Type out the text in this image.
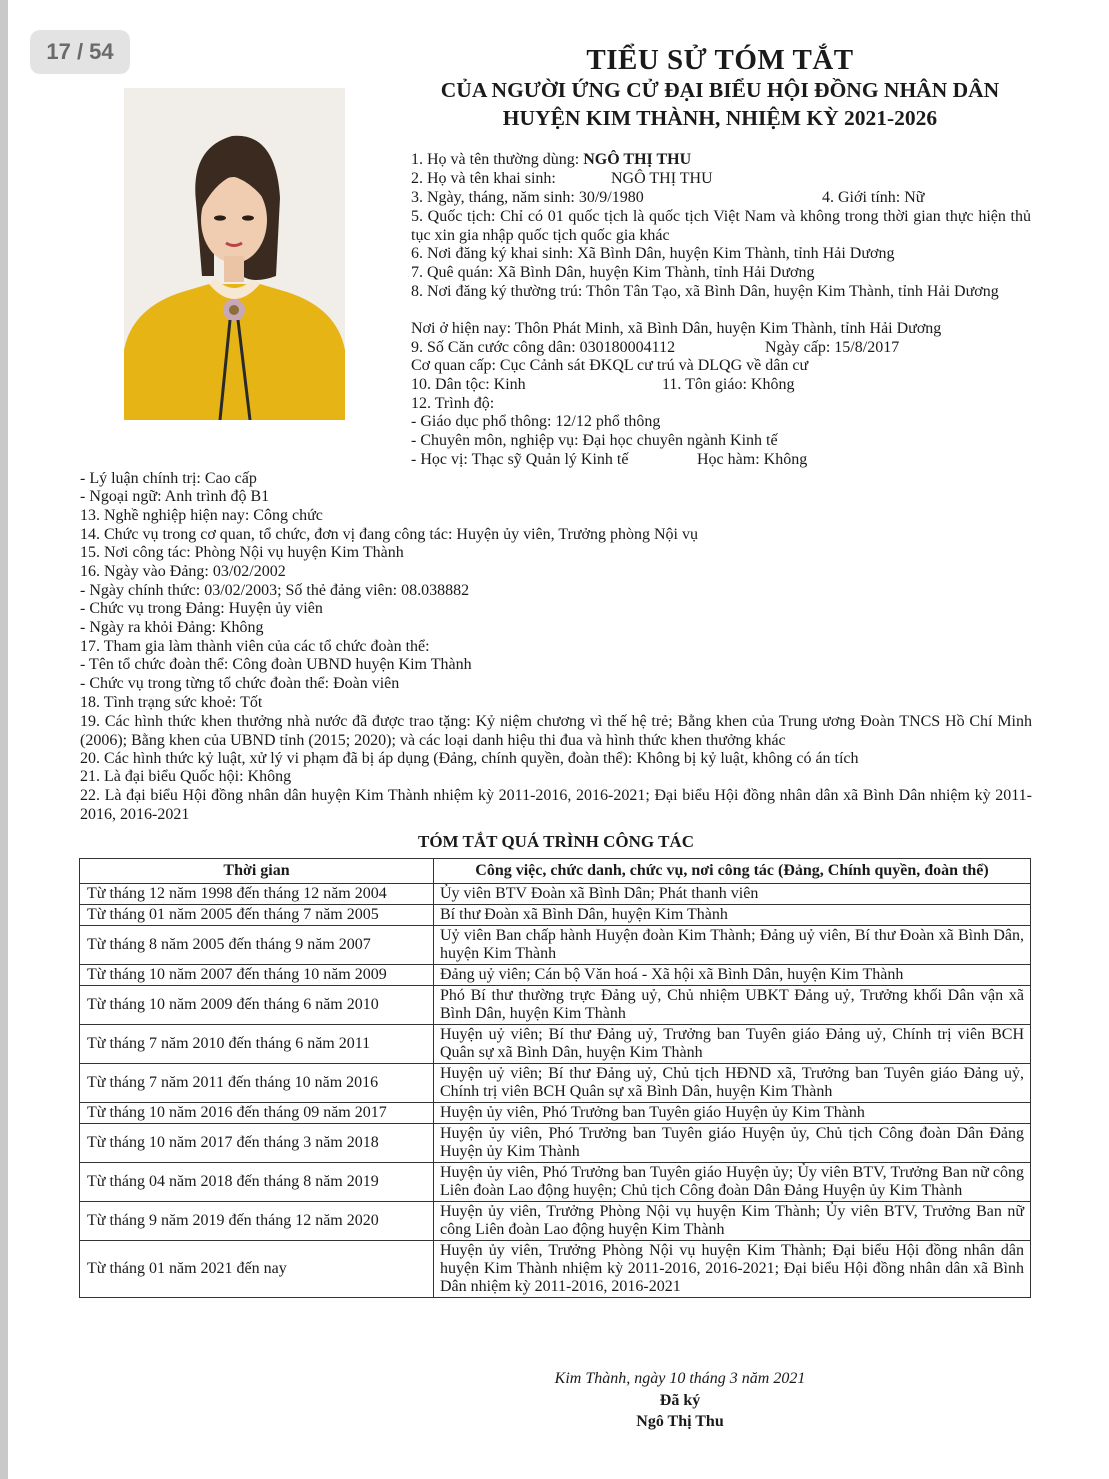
17 / 54	TIỂU SỬ TÓM TẮT
CỦA NGƯỜI ỨNG CỬ ĐẠI BIỂU HỘI ĐỒNG NHÂN DÂN
HUYỆN KIM THÀNH, NHIỆM KỲ 2021-2026
1. Họ và tên thường dùng: NGÔ THỊ THU
2. Họ và tên khai sinh:	NGÔ THỊ THU
3. Ngày, tháng, năm sinh: 30/9/1980	4. Giới tính: Nữ
5. Quốc tịch: Chỉ có 01 quốc tịch là quốc tịch Việt Nam và không trong thời gian thực hiện thủ tục xin gia nhập quốc tịch quốc gia khác
6. Nơi đăng ký khai sinh: Xã Bình Dân, huyện Kim Thành, tỉnh Hải Dương
7. Quê quán: Xã Bình Dân, huyện Kim Thành, tỉnh Hải Dương
8. Nơi đăng ký thường trú: Thôn Tân Tạo, xã Bình Dân, huyện Kim Thành, tỉnh Hải Dương
Nơi ở hiện nay: Thôn Phát Minh, xã Bình Dân, huyện Kim Thành, tỉnh Hải Dương
9. Số Căn cước công dân: 030180004112	Ngày cấp: 15/8/2017
Cơ quan cấp: Cục Cảnh sát ĐKQL cư trú và DLQG về dân cư
10. Dân tộc: Kinh	11. Tôn giáo: Không
12. Trình độ:
- Giáo dục phổ thông: 12/12 phổ thông
- Chuyên môn, nghiệp vụ: Đại học chuyên ngành Kinh tế
- Học vị: Thạc sỹ Quản lý Kinh tế	Học hàm: Không
- Lý luận chính trị: Cao cấp
- Ngoại ngữ: Anh trình độ B1
13. Nghề nghiệp hiện nay: Công chức
14. Chức vụ trong cơ quan, tổ chức, đơn vị đang công tác: Huyện ủy viên, Trưởng phòng Nội vụ
15. Nơi công tác: Phòng Nội vụ huyện Kim Thành
16. Ngày vào Đảng: 03/02/2002
- Ngày chính thức: 03/02/2003; Số thẻ đảng viên: 08.038882
- Chức vụ trong Đảng: Huyện ủy viên
- Ngày ra khỏi Đảng: Không
17. Tham gia làm thành viên của các tổ chức đoàn thể:
- Tên tổ chức đoàn thể: Công đoàn UBND huyện Kim Thành
- Chức vụ trong từng tổ chức đoàn thể: Đoàn viên
18. Tình trạng sức khoẻ: Tốt
19. Các hình thức khen thưởng nhà nước đã được trao tặng: Kỷ niệm chương vì thế hệ trẻ; Bằng khen của Trung ương Đoàn TNCS Hồ Chí Minh (2006); Bằng khen của UBND tỉnh (2015; 2020); và các loại danh hiệu thi đua và hình thức khen thưởng khác
20. Các hình thức kỷ luật, xử lý vi phạm đã bị áp dụng (Đảng, chính quyền, đoàn thể): Không bị kỷ luật, không có án tích
21. Là đại biểu Quốc hội: Không
22. Là đại biểu Hội đồng nhân dân huyện Kim Thành nhiệm kỳ 2011-2016, 2016-2021; Đại biểu Hội đồng nhân dân xã Bình Dân nhiệm kỳ 2011-2016, 2016-2021
TÓM TẮT QUÁ TRÌNH CÔNG TÁC
Thời gian	Công việc, chức danh, chức vụ, nơi công tác (Đảng, Chính quyền, đoàn thể)
Từ tháng 12 năm 1998 đến tháng 12 năm 2004	Ủy viên BTV Đoàn xã Bình Dân; Phát thanh viên
Từ tháng 01 năm 2005 đến tháng 7 năm 2005	Bí thư Đoàn xã Bình Dân, huyện Kim Thành
Từ tháng 8 năm 2005 đến tháng 9 năm 2007	Uỷ viên Ban chấp hành Huyện đoàn Kim Thành; Đảng uỷ viên, Bí thư Đoàn xã Bình Dân, huyện Kim Thành
Từ tháng 10 năm 2007 đến tháng 10 năm 2009	Đảng uỷ viên; Cán bộ Văn hoá - Xã hội xã Bình Dân, huyện Kim Thành
Từ tháng 10 năm 2009 đến tháng 6 năm 2010	Phó Bí thư thường trực Đảng uỷ, Chủ nhiệm UBKT Đảng uỷ, Trưởng khối Dân vận xã Bình Dân, huyện Kim Thành
Từ tháng 7 năm 2010 đến tháng 6 năm 2011	Huyện uỷ viên; Bí thư Đảng uỷ, Trưởng ban Tuyên giáo Đảng uỷ, Chính trị viên BCH Quân sự xã Bình Dân, huyện Kim Thành
Từ tháng 7 năm 2011 đến tháng 10 năm 2016	Huyện uỷ viên; Bí thư Đảng uỷ, Chủ tịch HĐND xã, Trưởng ban Tuyên giáo Đảng uỷ, Chính trị viên BCH Quân sự xã Bình Dân, huyện Kim Thành
Từ tháng 10 năm 2016 đến tháng 09 năm 2017	Huyện ủy viên, Phó Trưởng ban Tuyên giáo Huyện ủy Kim Thành
Từ tháng 10 năm 2017 đến tháng 3 năm 2018	Huyện ủy viên, Phó Trưởng ban Tuyên giáo Huyện ủy, Chủ tịch Công đoàn Dân Đảng Huyện ủy Kim Thành
Từ tháng 04 năm 2018 đến tháng 8 năm 2019	Huyện ủy viên, Phó Trưởng ban Tuyên giáo Huyện ủy; Ủy viên BTV, Trưởng Ban nữ công Liên đoàn Lao động huyện; Chủ tịch Công đoàn Dân Đảng Huyện ủy Kim Thành
Từ tháng 9 năm 2019 đến tháng 12 năm 2020	Huyện ủy viên, Trưởng Phòng Nội vụ huyện Kim Thành; Ủy viên BTV, Trưởng Ban nữ công Liên đoàn Lao động huyện Kim Thành
Từ tháng 01 năm 2021 đến nay	Huyện ủy viên, Trưởng Phòng Nội vụ huyện Kim Thành; Đại biểu Hội đồng nhân dân huyện Kim Thành nhiệm kỳ 2011-2016, 2016-2021; Đại biểu Hội đồng nhân dân xã Bình Dân nhiệm kỳ 2011-2016, 2016-2021
Kim Thành, ngày 10 tháng 3 năm 2021
Đã ký
Ngô Thị Thu
